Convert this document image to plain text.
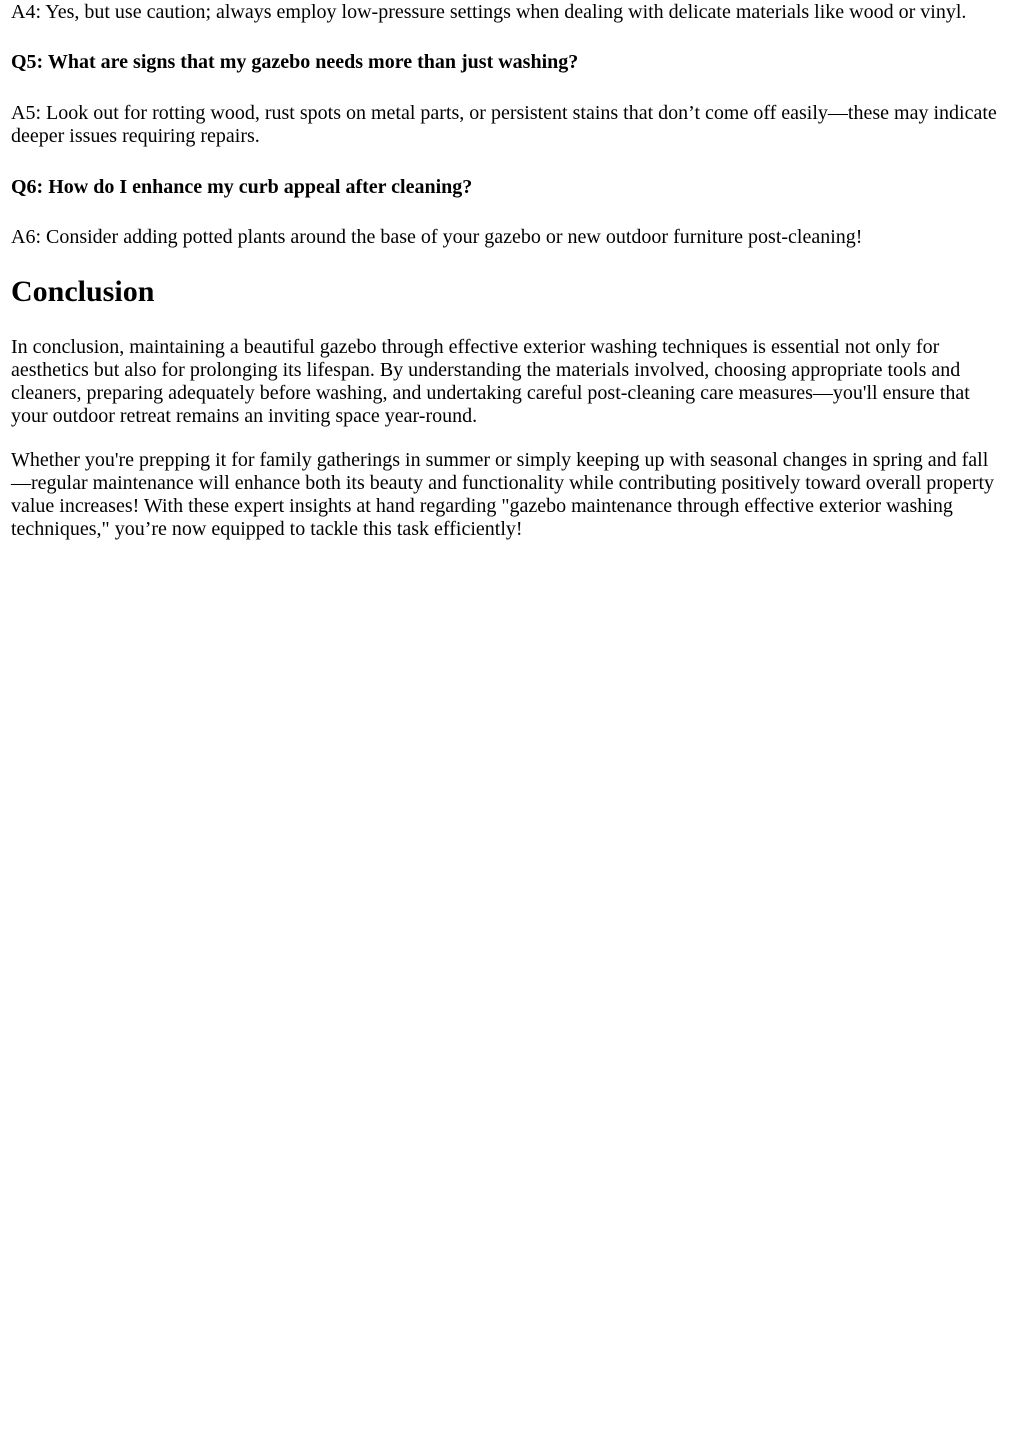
A4: Yes, but use caution; always employ low-pressure settings when dealing with delicate materials like wood or vinyl.

Q5: What are signs that my gazebo needs more than just washing?

A5: Look out for rotting wood, rust spots on metal parts, or persistent stains that don’t come off easily—these may indicate deeper issues requiring repairs.

Q6: How do I enhance my curb appeal after cleaning?

A6: Consider adding potted plants around the base of your gazebo or new outdoor furniture post-cleaning!

Conclusion

In conclusion, maintaining a beautiful gazebo through effective exterior washing techniques is essential not only for aesthetics but also for prolonging its lifespan. By understanding the materials involved, choosing appropriate tools and cleaners, preparing adequately before washing, and undertaking careful post-cleaning care measures—you'll ensure that your outdoor retreat remains an inviting space year-round.

Whether you're prepping it for family gatherings in summer or simply keeping up with seasonal changes in spring and fall—regular maintenance will enhance both its beauty and functionality while contributing positively toward overall property value increases! With these expert insights at hand regarding "gazebo maintenance through effective exterior washing techniques," you’re now equipped to tackle this task efficiently!
